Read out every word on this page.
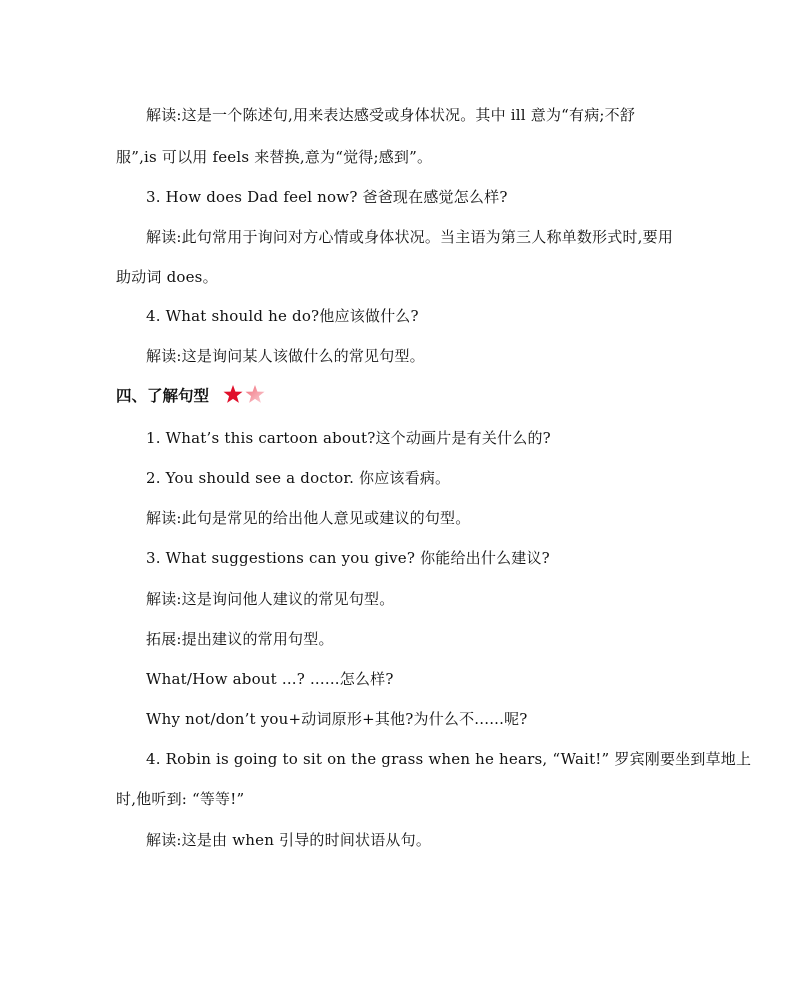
解读:这是一个陈述句,用来表达感受或身体状况。其中 ill 意为“有病;不舒
服”,is 可以用 feels 来替换,意为“觉得;感到”。
3. How does Dad feel now? 爸爸现在感觉怎么样?
解读:此句常用于询问对方心情或身体状况。当主语为第三人称单数形式时,要用
助动词 does。
4. What should he do?他应该做什么?
解读:这是询问某人该做什么的常见句型。
四、了解句型
1. What’s this cartoon about?这个动画片是有关什么的?
2. You should see a doctor. 你应该看病。
解读:此句是常见的给出他人意见或建议的句型。
3. What suggestions can you give? 你能给出什么建议?
解读:这是询问他人建议的常见句型。
拓展:提出建议的常用句型。
What/How about ...? ......怎么样?
Why not/don’t you+动词原形+其他?为什么不......呢?
4. Robin is going to sit on the grass when he hears, “Wait!” 罗宾刚要坐到草地上
时,他听到: “等等!”
解读:这是由 when 引导的时间状语从句。
